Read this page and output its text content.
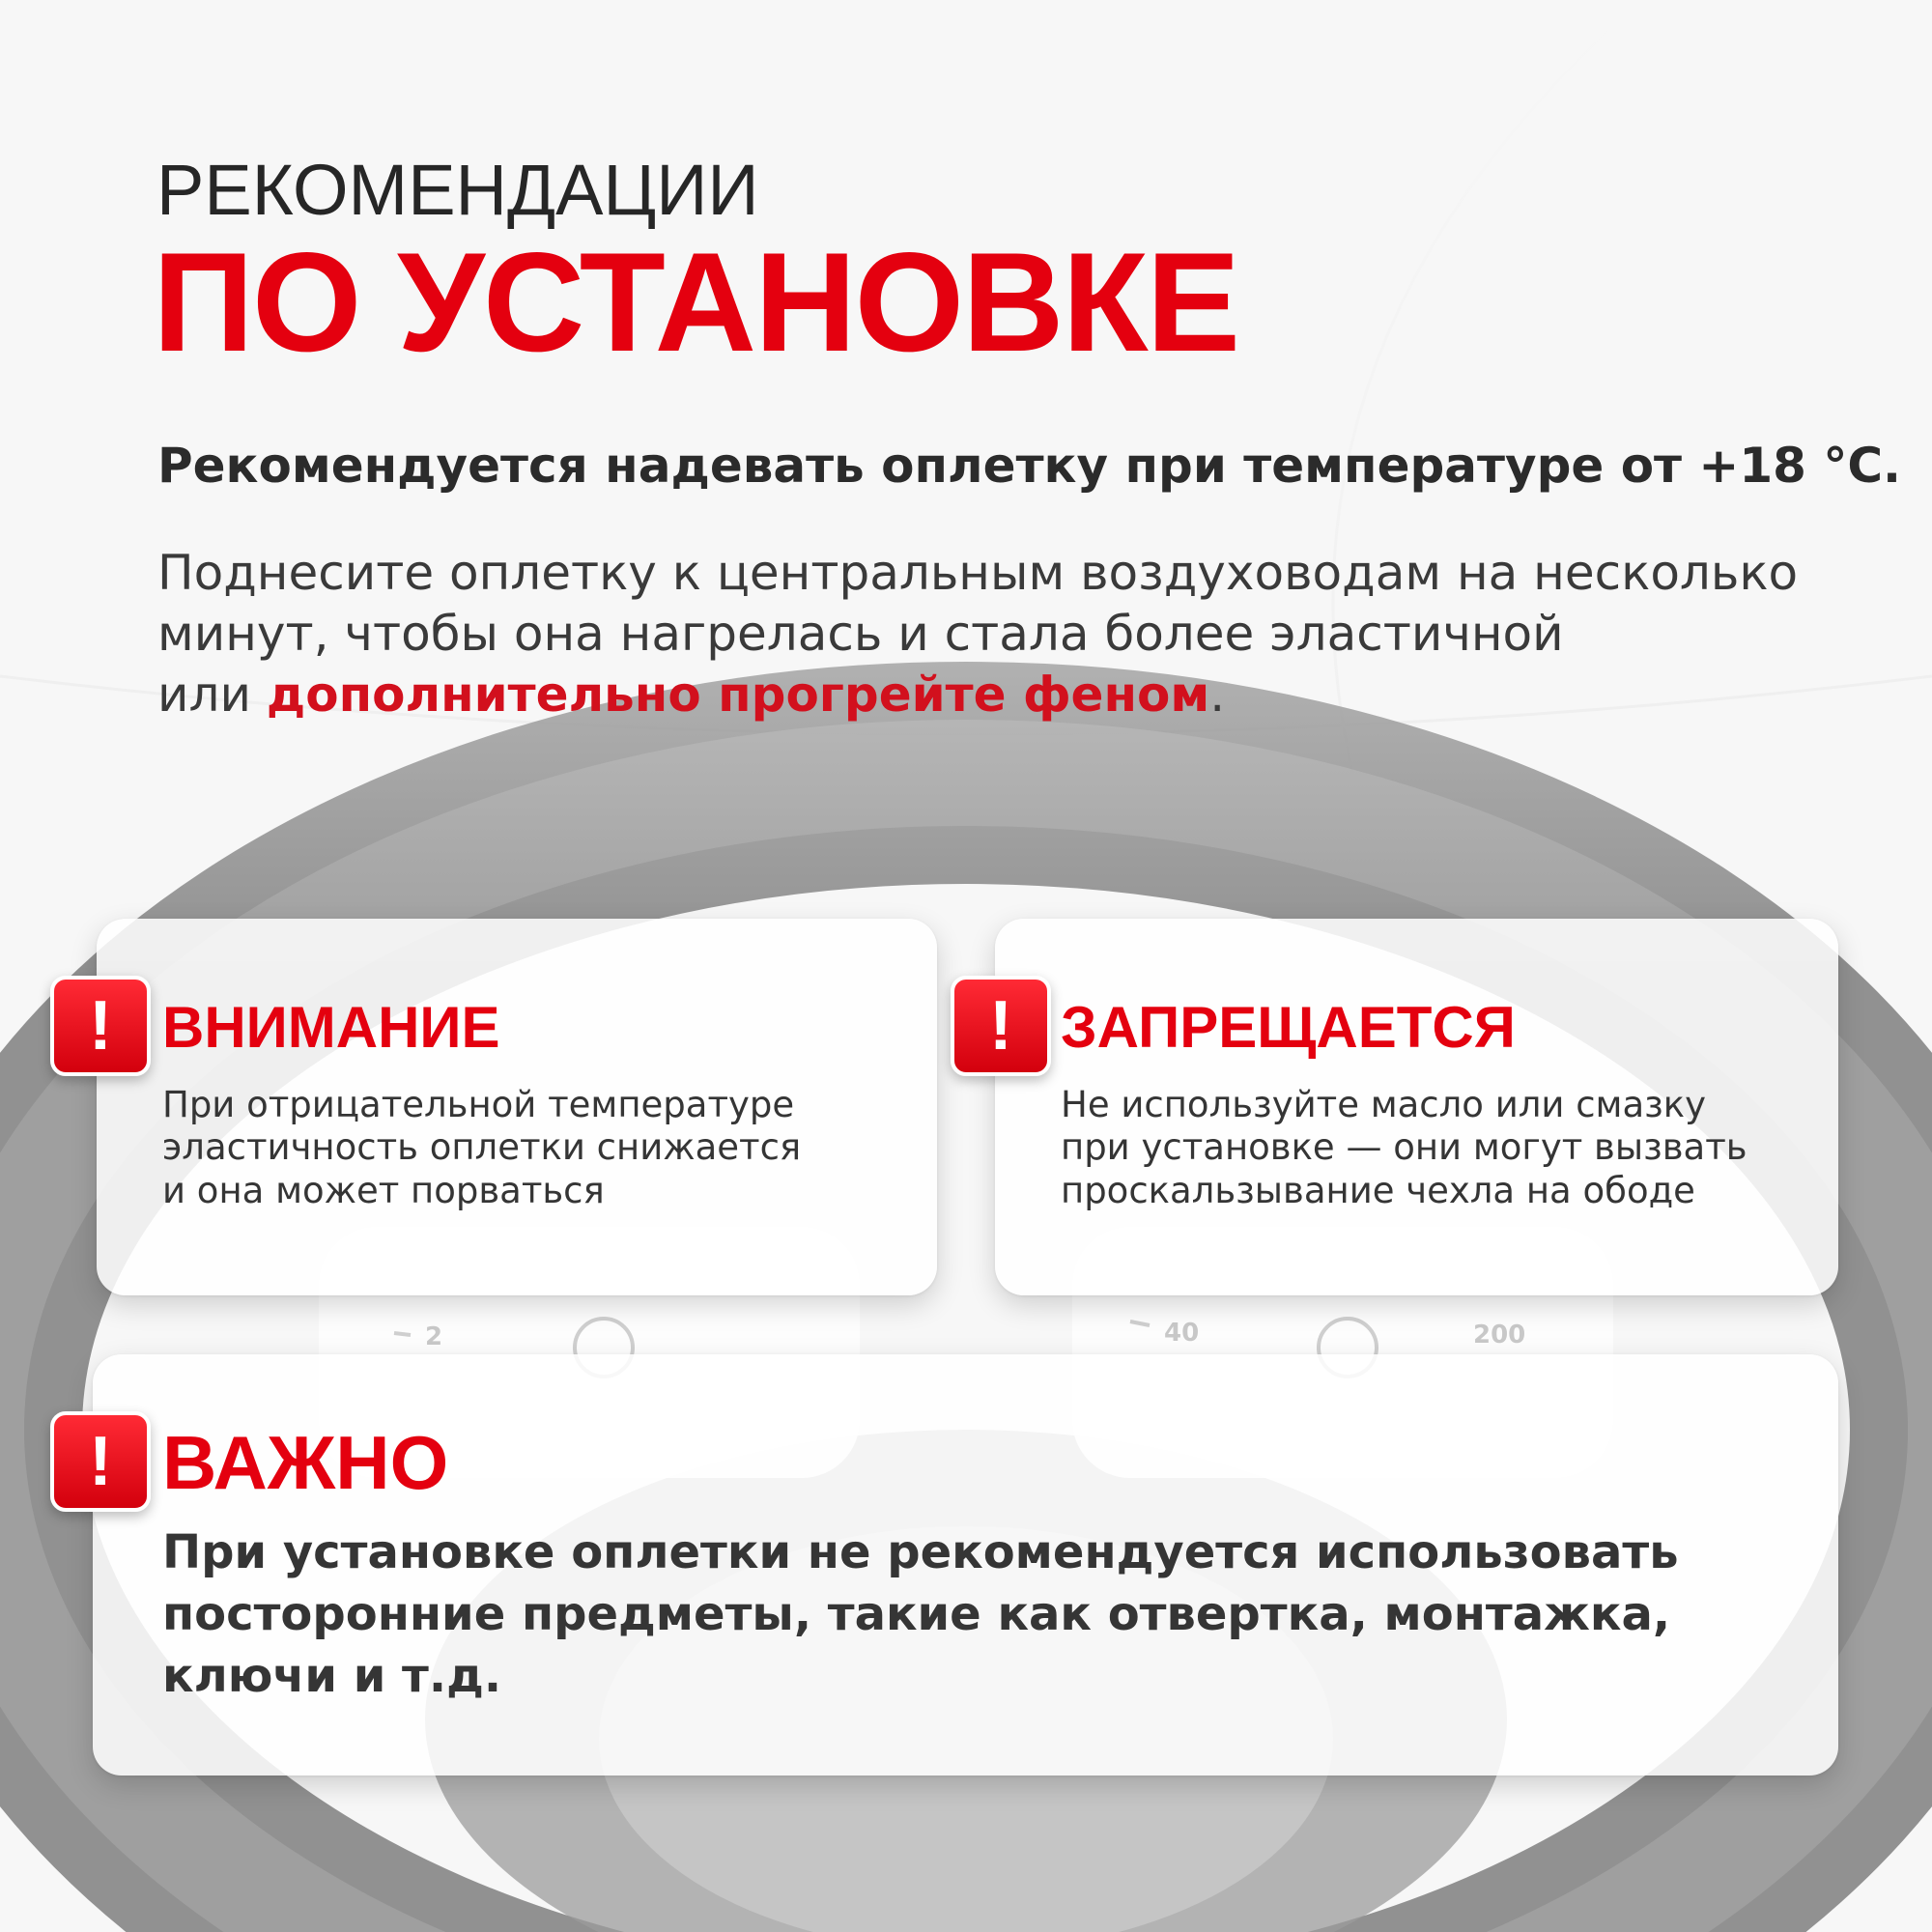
РЕКОМЕНДАЦИИ
ПО УСТАНОВКЕ
Рекомендуется надевать оплетку при температуре от +18 °C.
Поднесите оплетку к центральным воздуховодам на несколько
минут, чтобы она нагрелась и стала более эластичной
или дополнительно прогрейте феном.
! ВНИМАНИЕ
При отрицательной температуре
эластичность оплетки снижается
и она может порваться
! ЗАПРЕЩАЕТСЯ
Не используйте масло или смазку
при установке — они могут вызвать
проскальзывание чехла на ободе
! ВАЖНО
При установке оплетки не рекомендуется использовать
посторонние предметы, такие как отвертка, монтажка,
ключи и т.д.
